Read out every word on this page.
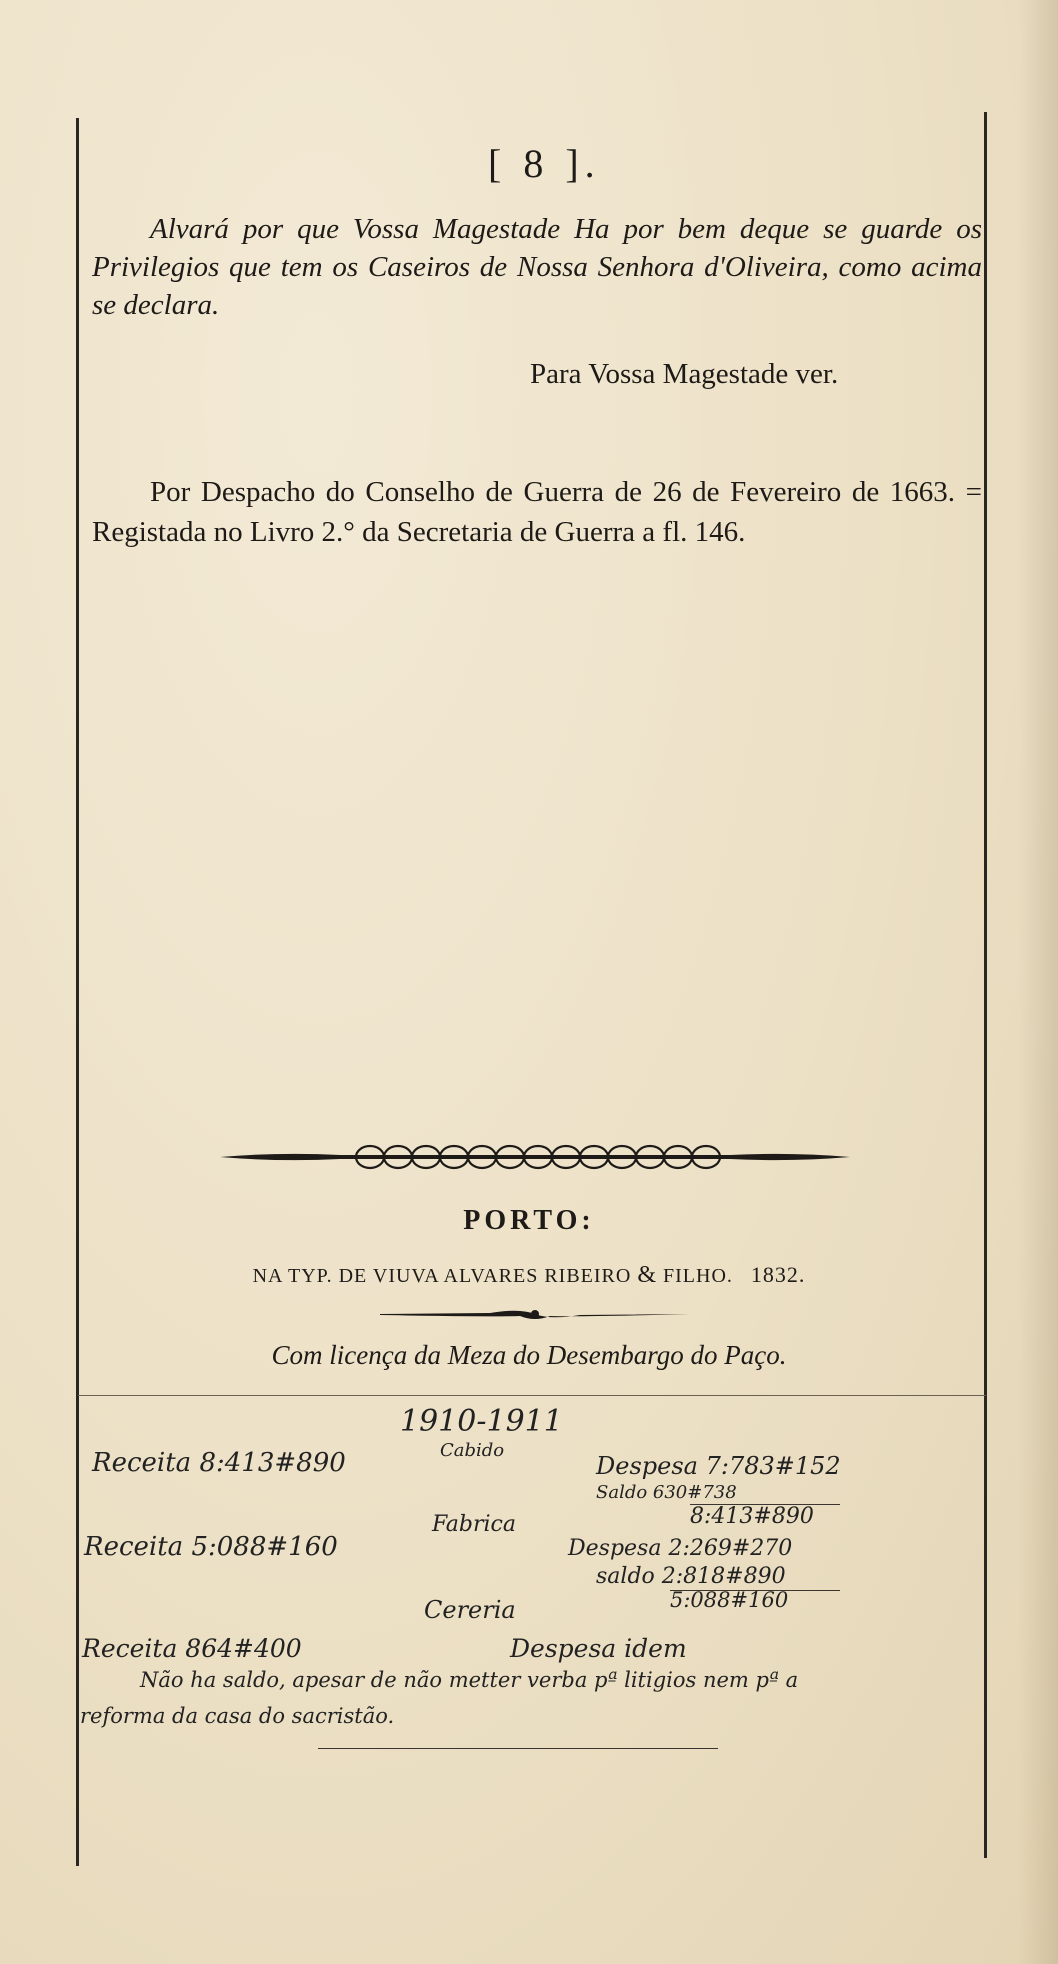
[ 8 ].
Alvará por que Vossa Magestade Ha por bem deque se guarde os Privilegios que tem os Caseiros de Nossa Senhora d'Oliveira, como acima se declara.
Para Vossa Magestade ver.
Por Despacho do Conselho de Guerra de 26 de Fevereiro de 1663. = Registada no Livro 2.° da Secretaria de Guerra a fl. 146.
PORTO:
NA TYP. DE VIUVA ALVARES RIBEIRO & FILHO. 1832.
Com licença da Meza do Desembargo do Paço.
1910-1911
Cabido
Receita 8:413#890	Despesa 7:783#152
Saldo 630#738
8:413#890
Fabrica
Receita 5:088#160	Despesa 2:269#270
saldo 2:818#890
5:088#160
Cereria
Receita 864#400	Despesa idem
Não ha saldo, apesar de não metter verba pª litigios nem pª a
reforma da casa do sacristão.
